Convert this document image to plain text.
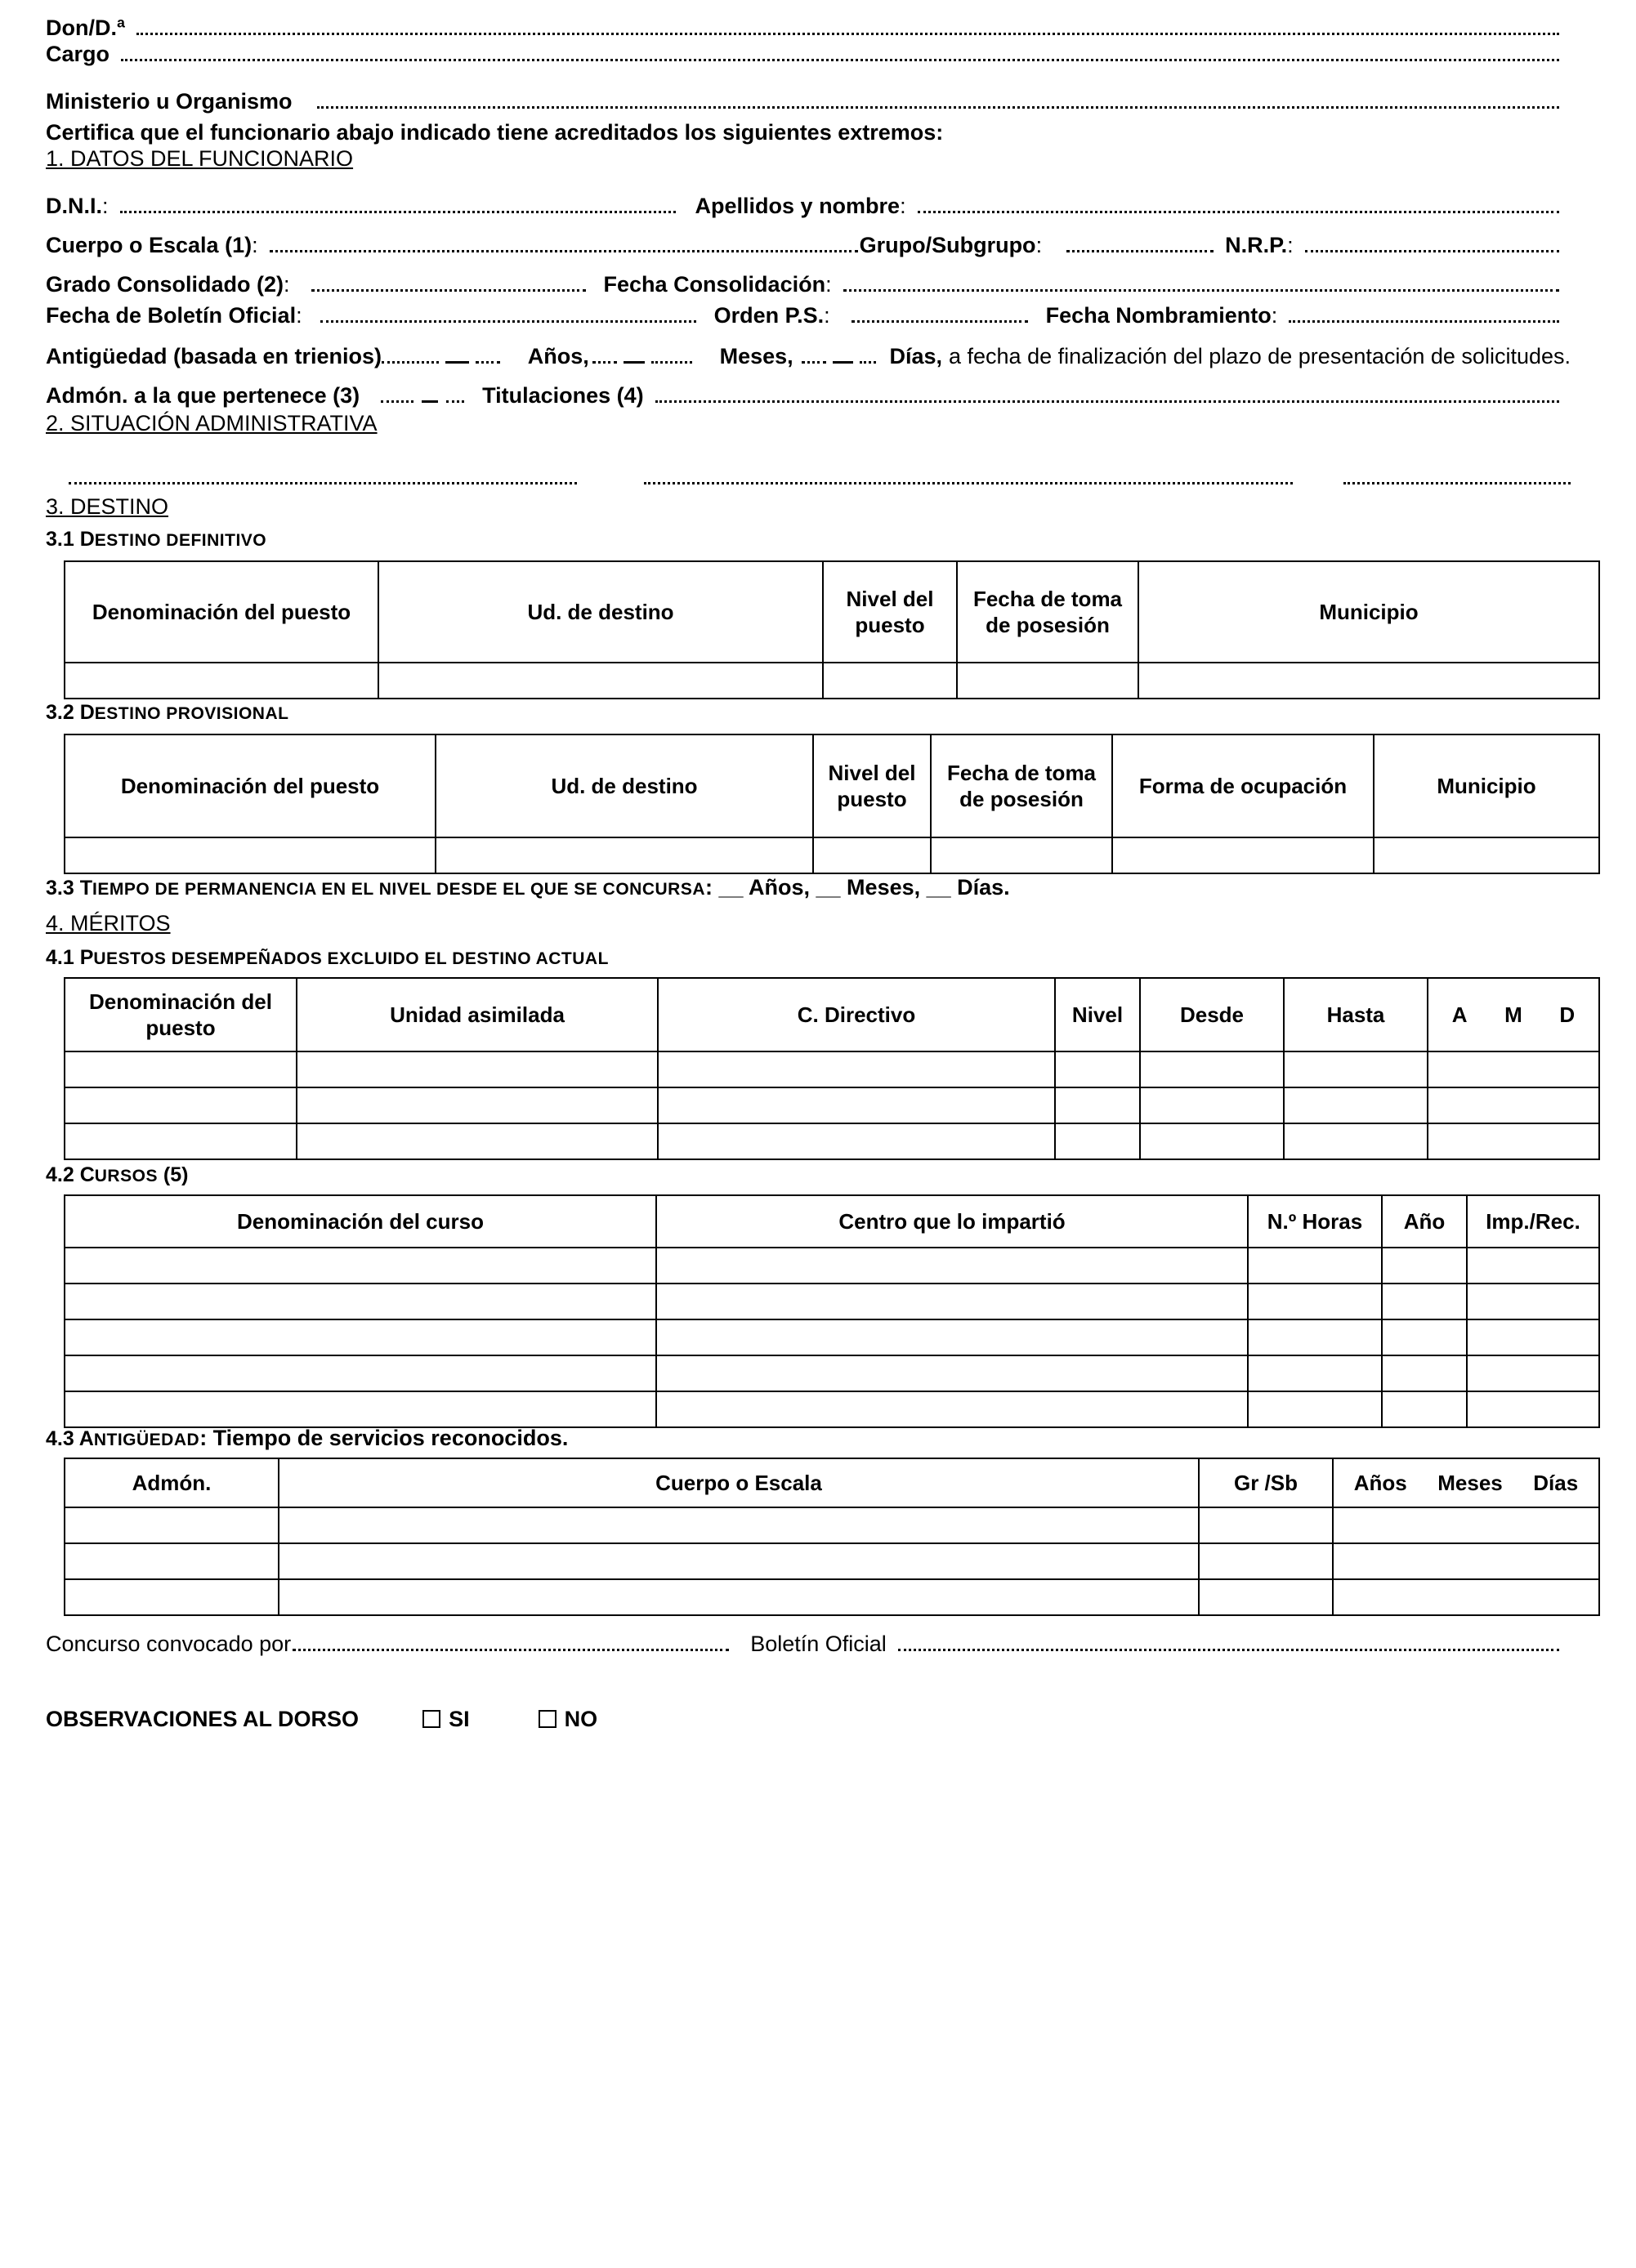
Don/D.ª
Cargo
Ministerio u Organismo
Certifica que el funcionario abajo indicado tiene acreditados los siguientes extremos:
1. DATOS DEL FUNCIONARIO
D.N.I. :	Apellidos y nombre :
Cuerpo o Escala (1) :	Grupo/Subgrupo :	N.R.P. :
Grado Consolidado (2) :	Fecha Consolidación :
Fecha de Boletín Oficial :	Orden P.S. :	Fecha Nombramiento :
Antigüedad (basada en trienios)	Años,	Meses,	Días, a fecha de finalización del plazo de presentación de solicitudes.
Admón. a la que pertenece (3)	Titulaciones (4)
2. SITUACIÓN ADMINISTRATIVA
3. DESTINO
3.1 DESTINO DEFINITIVO
Denominación del puesto	Ud. de destino	Nivel del puesto	Fecha de toma de posesión	Municipio

3.2 DESTINO PROVISIONAL
Denominación del puesto	Ud. de destino	Nivel del puesto	Fecha de toma de posesión	Forma de ocupación	Municipio

3.3 TIEMPO DE PERMANENCIA EN EL NIVEL DESDE EL QUE SE CONCURSA: __ Años, __ Meses, __ Días.
4. MÉRITOS
4.1 PUESTOS DESEMPEÑADOS EXCLUIDO EL DESTINO ACTUAL
Denominación del puesto	Unidad asimilada	C. Directivo	Nivel	Desde	Hasta	A M D

4.2 CURSOS (5)
Denominación del curso	Centro que lo impartió	N.º Horas	Año	Imp./Rec.

4.3 ANTIGÜEDAD: Tiempo de servicios reconocidos.
Admón.	Cuerpo o Escala	Gr /Sb	Años Meses Días

Concurso convocado por	Boletín Oficial
OBSERVACIONES AL DORSO	SI	NO
